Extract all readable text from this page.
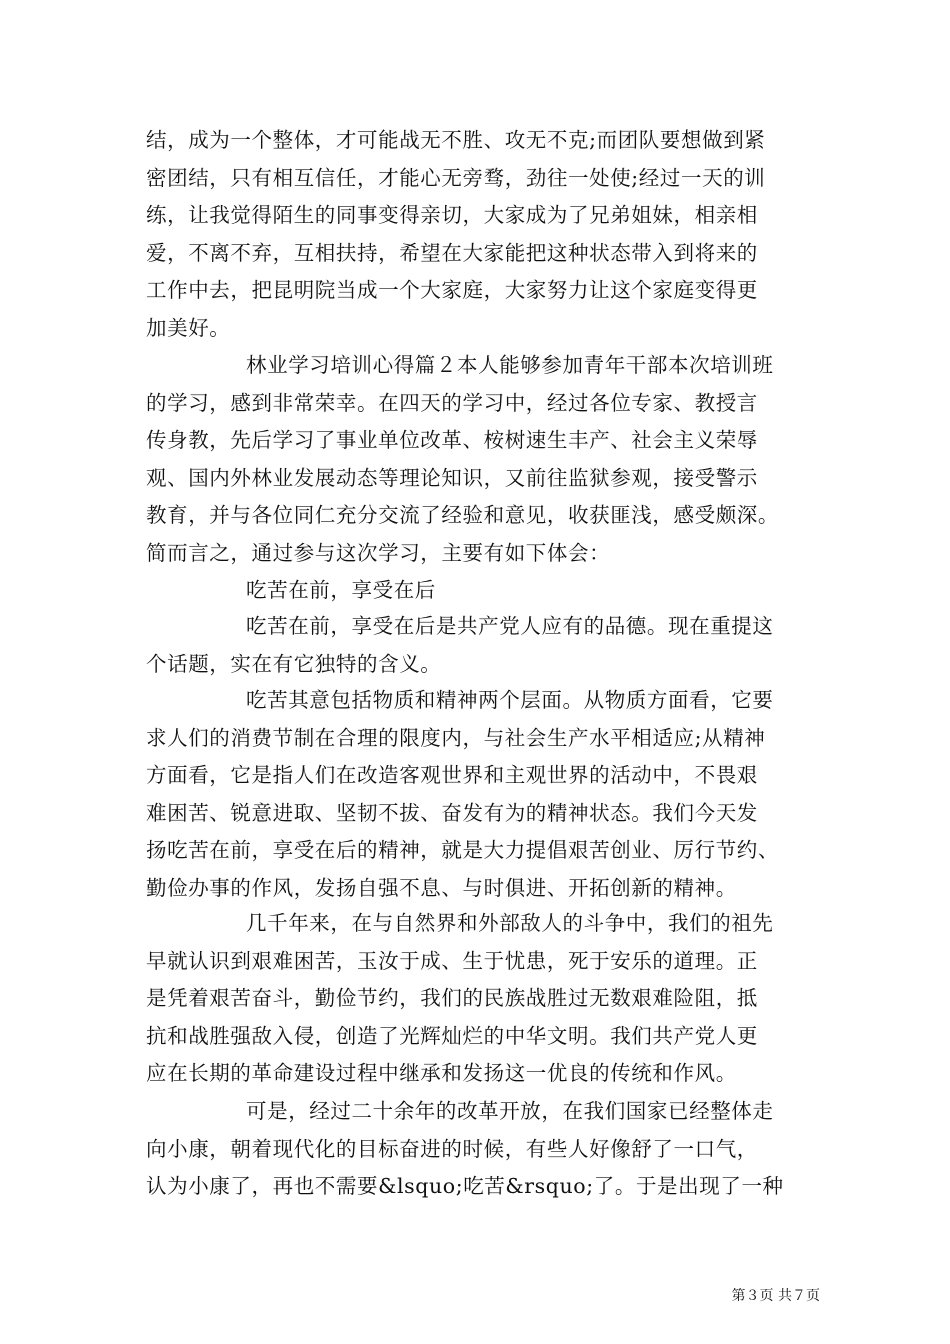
结，成为一个整体，才可能战无不胜、攻无不克;而团队要想做到紧
密团结，只有相互信任，才能心无旁骛，劲往一处使;经过一天的训
练，让我觉得陌生的同事变得亲切，大家成为了兄弟姐妹，相亲相
爱，不离不弃，互相扶持，希望在大家能把这种状态带入到将来的
工作中去，把昆明院当成一个大家庭，大家努力让这个家庭变得更
加美好。
林业学习培训心得篇２本人能够参加青年干部本次培训班
的学习，感到非常荣幸。在四天的学习中，经过各位专家、教授言
传身教，先后学习了事业单位改革、桉树速生丰产、社会主义荣辱
观、国内外林业发展动态等理论知识，又前往监狱参观，接受警示
教育，并与各位同仁充分交流了经验和意见，收获匪浅，感受颇深。
简而言之，通过参与这次学习，主要有如下体会：
吃苦在前，享受在后
吃苦在前，享受在后是共产党人应有的品德。现在重提这
个话题，实在有它独特的含义。
吃苦其意包括物质和精神两个层面。从物质方面看，它要
求人们的消费节制在合理的限度内，与社会生产水平相适应;从精神
方面看，它是指人们在改造客观世界和主观世界的活动中，不畏艰
难困苦、锐意进取、坚韧不拔、奋发有为的精神状态。我们今天发
扬吃苦在前，享受在后的精神，就是大力提倡艰苦创业、厉行节约、
勤俭办事的作风，发扬自强不息、与时俱进、开拓创新的精神。
几千年来，在与自然界和外部敌人的斗争中，我们的祖先
早就认识到艰难困苦，玉汝于成、生于忧患，死于安乐的道理。正
是凭着艰苦奋斗，勤俭节约，我们的民族战胜过无数艰难险阻，抵
抗和战胜强敌入侵，创造了光辉灿烂的中华文明。我们共产党人更
应在长期的革命建设过程中继承和发扬这一优良的传统和作风。
可是，经过二十余年的改革开放，在我们国家已经整体走
向小康，朝着现代化的目标奋进的时候，有些人好像舒了一口气，
认为小康了，再也不需要&lsquo;吃苦&rsquo;了。于是出现了一种
第３页 共７页
